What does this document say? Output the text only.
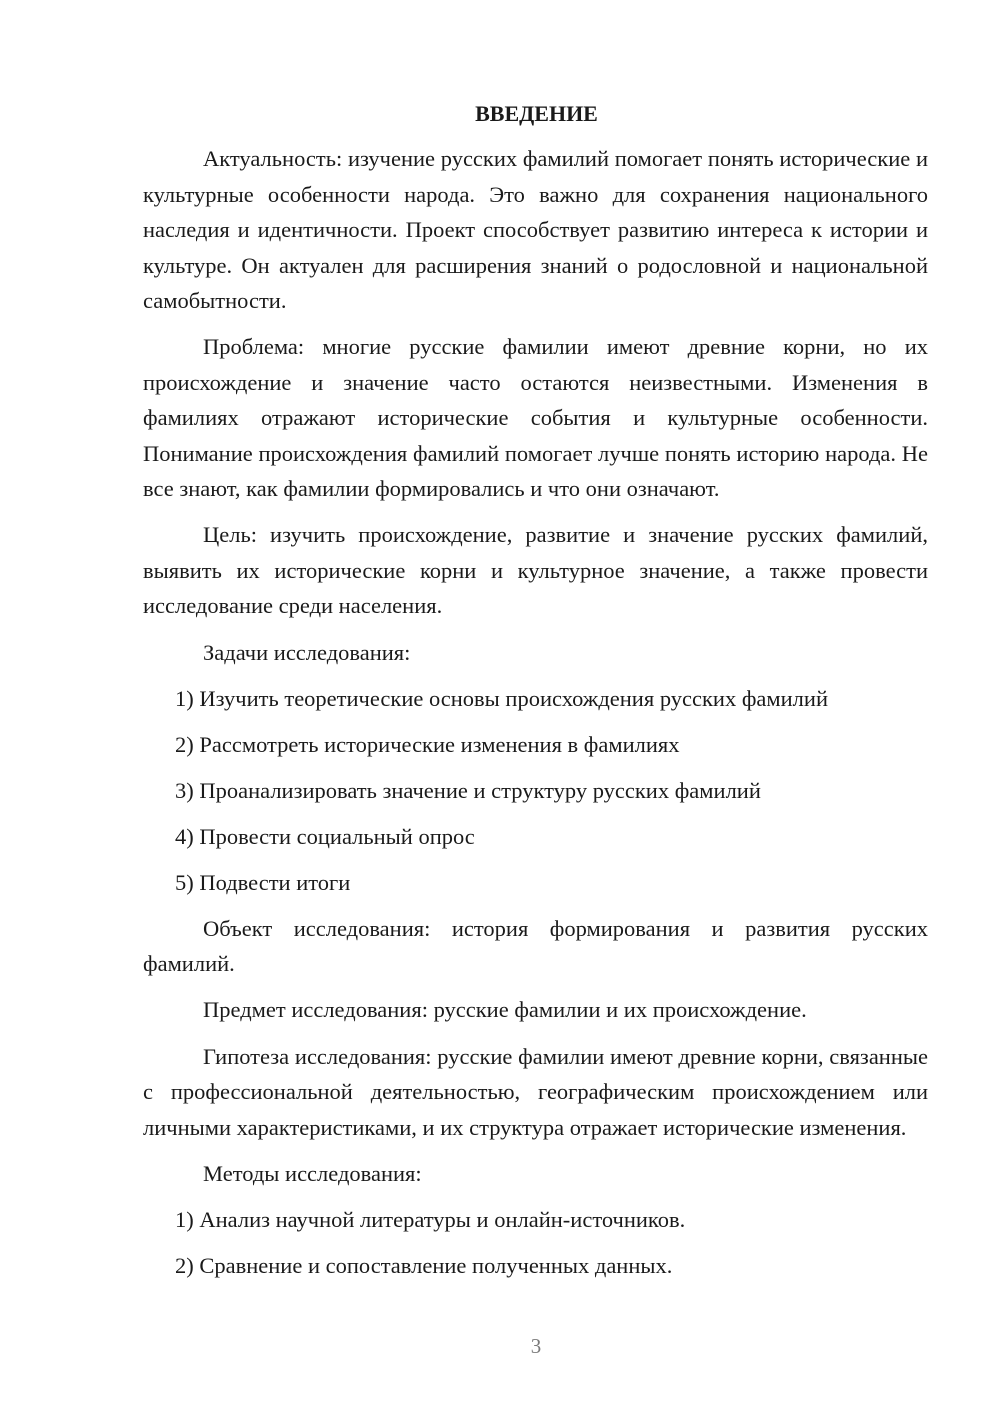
ВВЕДЕНИЕ

Актуальность: изучение русских фамилий помогает понять исторические и культурные особенности народа. Это важно для сохранения национального наследия и идентичности. Проект способствует развитию интереса к истории и культуре. Он актуален для расширения знаний о родословной и национальной самобытности.

Проблема: многие русские фамилии имеют древние корни, но их происхождение и значение часто остаются неизвестными. Изменения в фамилиях отражают исторические события и культурные особенности. Понимание происхождения фамилий помогает лучше понять историю народа. Не все знают, как фамилии формировались и что они означают.

Цель: изучить происхождение, развитие и значение русских фамилий, выявить их исторические корни и культурное значение, а также провести исследование среди населения.

Задачи исследования:

1) Изучить теоретические основы происхождения русских фамилий
2) Рассмотреть исторические изменения в фамилиях
3) Проанализировать значение и структуру русских фамилий
4) Провести социальный опрос
5) Подвести итоги

Объект исследования: история формирования и развития русских фамилий.

Предмет исследования: русские фамилии и их происхождение.

Гипотеза исследования: русские фамилии имеют древние корни, связанные с профессиональной деятельностью, географическим происхождением или личными характеристиками, и их структура отражает исторические изменения.

Методы исследования:

1) Анализ научной литературы и онлайн-источников.
2) Сравнение и сопоставление полученных данных.
3
